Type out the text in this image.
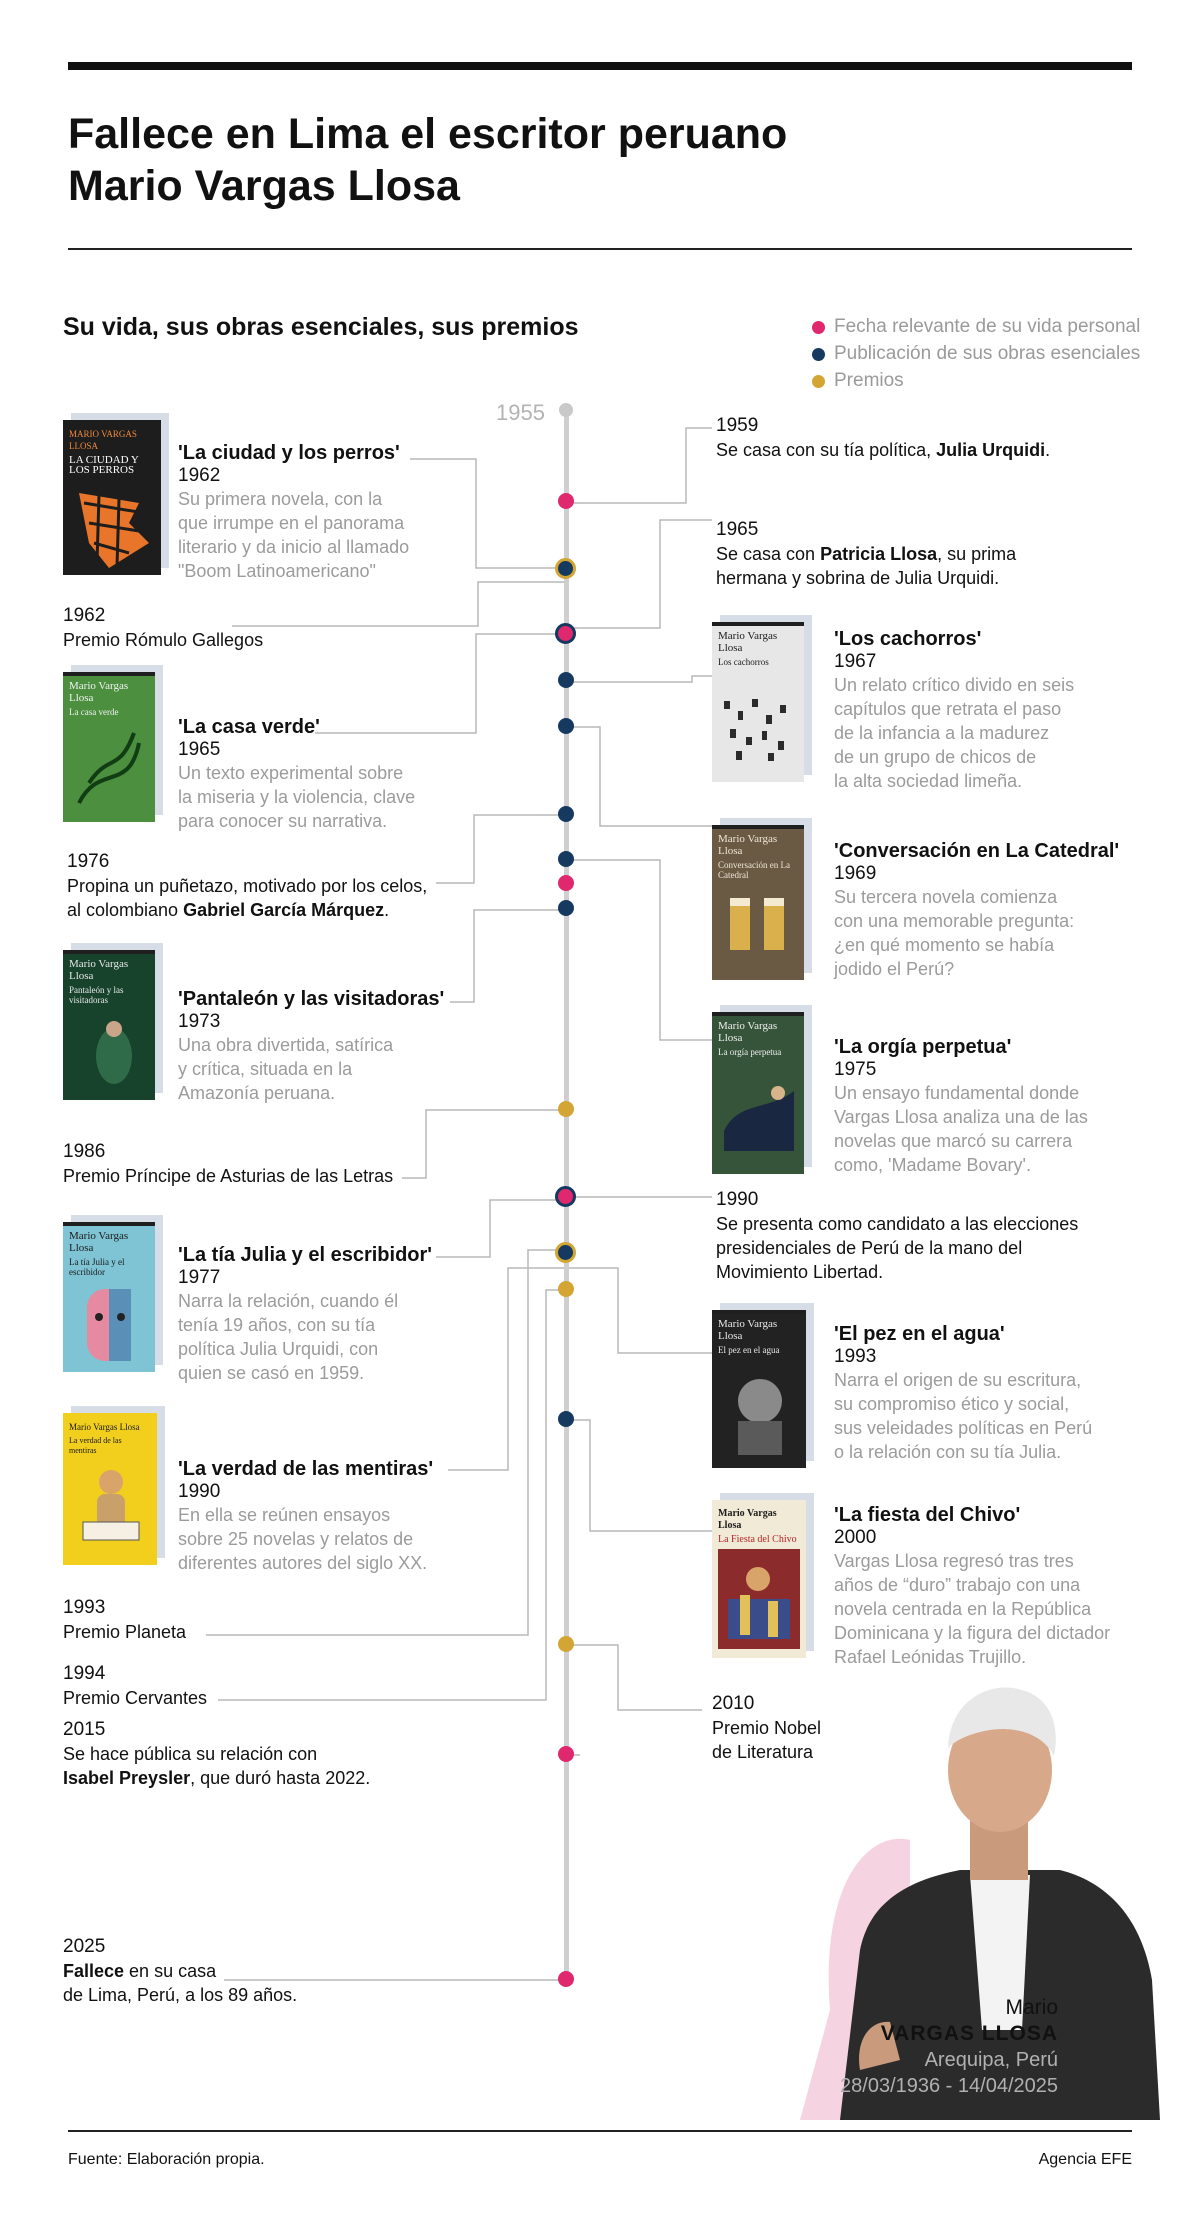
Fallece en Lima el escritor peruano
Mario Vargas Llosa
Su vida, sus obras esenciales, sus premios	Fecha relevante de su vida personal
Publicación de sus obras esenciales
Premios
1955
MARIO VARGAS LLOSA
LA CIUDAD Y LOS PERROS
'La ciudad y los perros'
1962
Su primera novela, con la
que irrumpe en el panorama
literario y da inicio al llamado
"Boom Latinoamericano"
Mario Vargas Llosa
La casa verde
'La casa verde'
1965
Un texto experimental sobre
la miseria y la violencia, clave
para conocer su narrativa.
Mario Vargas Llosa
Pantaleón y las visitadoras	'Pantaleón y las visitadoras'
1973
Una obra divertida, satírica
y crítica, situada en la
Amazonía peruana.
Mario Vargas Llosa
La tía Julia y el escribidor
'La tía Julia y el escribidor'
1977
Narra la relación, cuando él
tenía 19 años, con su tía
política Julia Urquidi, con
quien se casó en 1959.
Mario Vargas Llosa
La verdad de las mentiras
'La verdad de las mentiras'
1990
En ella se reúnen ensayos
sobre 25 novelas y relatos de
diferentes autores del siglo XX.
Mario Vargas Llosa
Los cachorros
'Los cachorros'
1967
Un relato crítico divido en seis
capítulos que retrata el paso
de la infancia a la madurez
de un grupo de chicos de
la alta sociedad limeña.
Mario Vargas Llosa
Conversación en La Catedral
'Conversación en La Catedral'
1969
Su tercera novela comienza
con una memorable pregunta:
¿en qué momento se había
jodido el Perú?
Mario Vargas Llosa
La orgía perpetua	'La orgía perpetua'
1975
Un ensayo fundamental donde
Vargas Llosa analiza una de las
novelas que marcó su carrera
como, 'Madame Bovary'.
Mario Vargas Llosa
El pez en el agua
'El pez en el agua'
1993
Narra el origen de su escritura,
su compromiso ético y social,
sus veleidades políticas en Perú
o la relación con su tía Julia.
Mario Vargas Llosa
La Fiesta del Chivo
'La fiesta del Chivo'
2000
Vargas Llosa regresó tras tres
años de “duro” trabajo con una
novela centrada en la República
Dominicana y la figura del dictador
Rafael Leónidas Trujillo.
1959
Se casa con su tía política, Julia Urquidi.
1965
Se casa con Patricia Llosa, su prima
hermana y sobrina de Julia Urquidi.
1962
Premio Rómulo Gallegos
1976
Propina un puñetazo, motivado por los celos,
al colombiano Gabriel García Márquez.
1986
Premio Príncipe de Asturias de las Letras
1990
Se presenta como candidato a las elecciones
presidenciales de Perú de la mano del
Movimiento Libertad.
1993
Premio Planeta
1994
Premio Cervantes
2015
Se hace pública su relación con
Isabel Preysler, que duró hasta 2022.
2010
Premio Nobel
de Literatura
2025
Fallece en su casa
de Lima, Perú, a los 89 años.
Mario
VARGAS LLOSA
Arequipa, Perú
28/03/1936 - 14/04/2025
Fuente: Elaboración propia.	Agencia EFE
